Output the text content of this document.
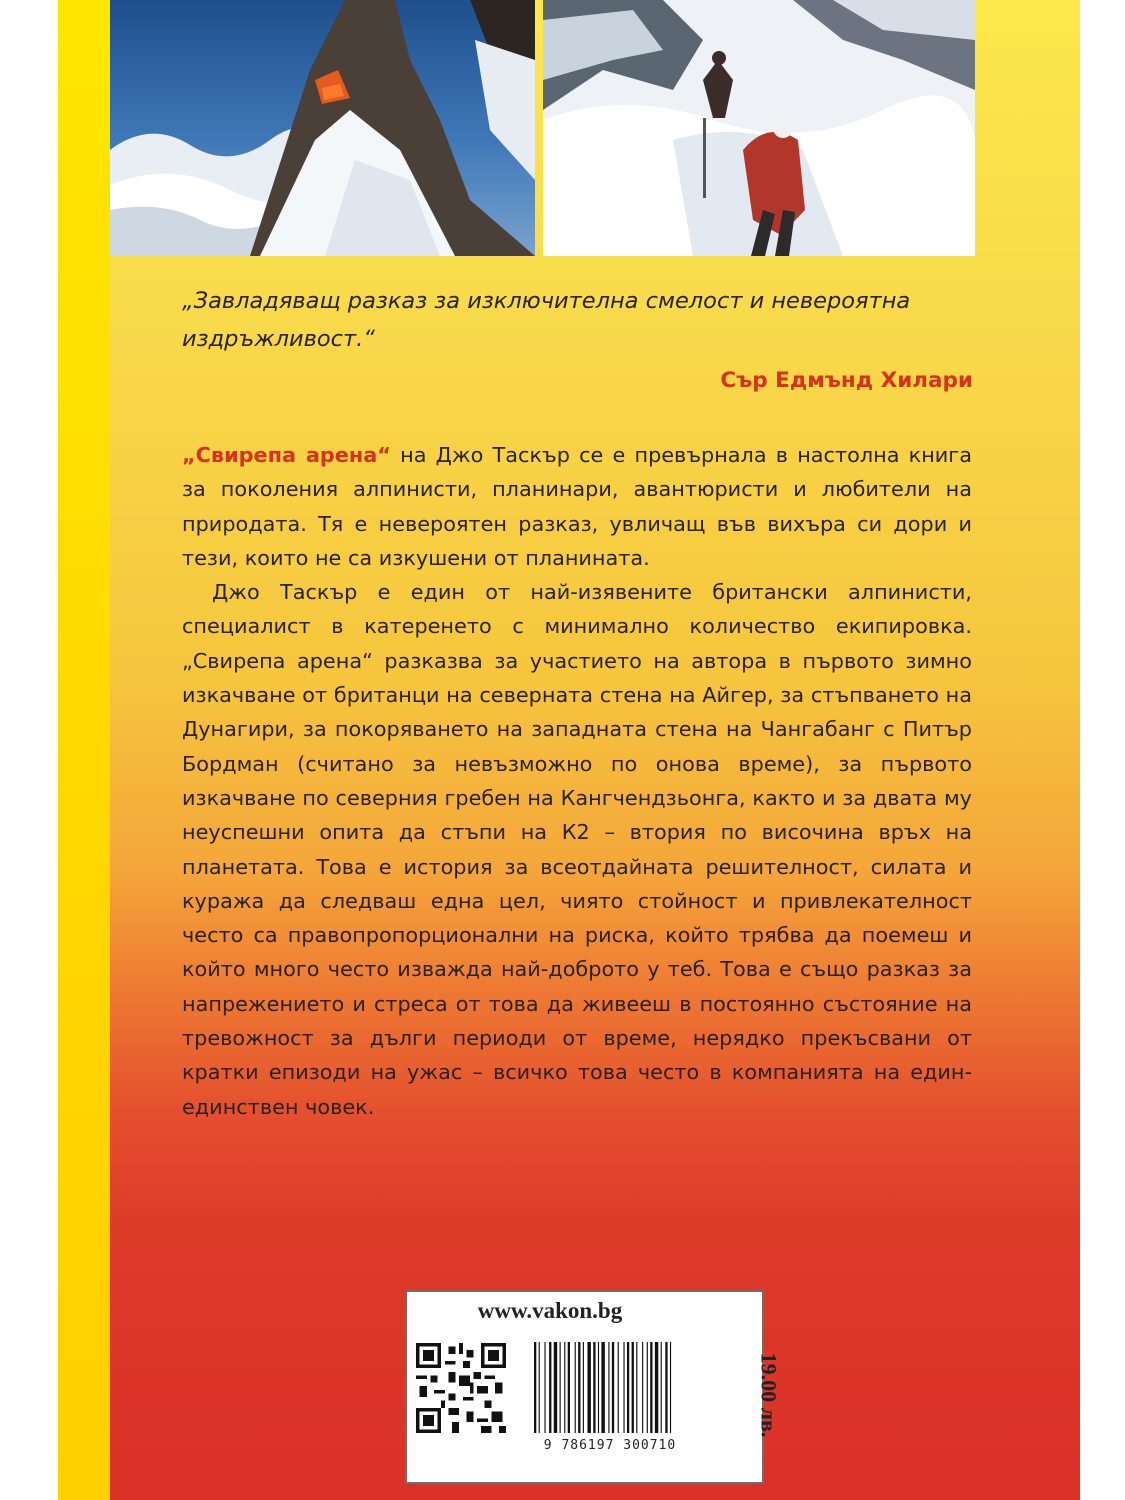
„Завладяващ разказ за изключителна смелост и невероятна издръжливост.“
Сър Едмънд Хилари

„Свирепа арена“ на Джо Таскър се е превърнала в настолна книга за поколения алпинисти, планинари, авантюристи и любители на природата. Тя е невероятен разказ, увличащ във вихъра си дори и тези, които не са изкушени от планината.

Джо Таскър е един от най-изявените британски алпинисти, специалист в катеренето с минимално количество екипировка. „Свирепа арена“ разказва за участието на автора в първото зимно изкачване от британци на северната стена на Айгер, за стъпването на Дунагири, за покоряването на западната стена на Чангабанг с Питър Бордман (считано за невъзможно по онова време), за първото изкачване по северния гребен на Кангчендзьонга, както и за двата му неуспешни опита да стъпи на К2 – втория по височина връх на планетата. Това е история за всеотдайната решителност, силата и куража да следваш една цел, чиято стойност и привлекателност често са правопропорционални на риска, който трябва да поемеш и който много често изважда най-доброто у теб. Това е също разказ за напрежението и стреса от това да живееш в постоянно състояние на тревожност за дълги периоди от време, нерядко прекъсвани от кратки епизоди на ужас – всичко това често в компанията на един-единствен човек.

www.vakon.bg
19.00 лв.
9 786197 300710
